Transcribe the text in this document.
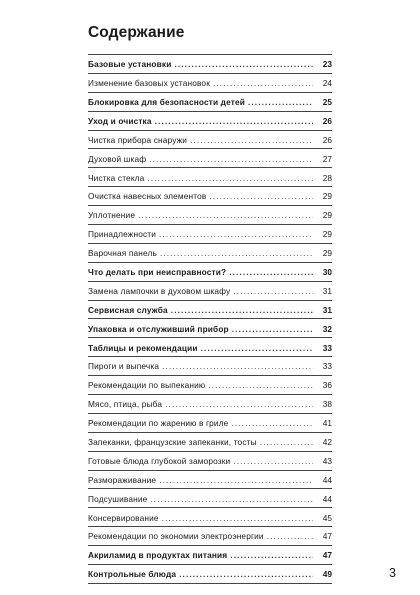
Содержание
Базовые установки . . .	23
Изменение базовых установок . . .	24
Блокировка для безопасности детей . . .	25
Уход и очистка . . .	26
Чистка прибора снаружи . . .	26
Духовой шкаф . . .	27
Чистка стекла . . .	28
Очистка навесных элементов . . .	29
Уплотнение . . .	29
Принадлежности . . .	29
Варочная панель . . .	29
Что делать при неисправности? . . .	30
Замена лампочки в духовом шкафу . . .	31
Сервисная служба . . .	31
Упаковка и отслуживший прибор . . .	32
Таблицы и рекомендации . . .	33
Пироги и выпечка . . .	33
Рекомендации по выпеканию . . .	36
Мясо, птица, рыба . . .	38
Рекомендации по жарению в гриле . . .	41
Запеканки, французские запеканки, тосты . . .	42
Готовые блюда глубокой заморозки . . .	43
Размораживание . . .	44
Подсушивание . . .	44
Консервирование . . .	45
Рекомендации по экономии электроэнергии . . .	47
Акриламид в продуктах питания . . .	47
Контрольные блюда . . .	49	3
